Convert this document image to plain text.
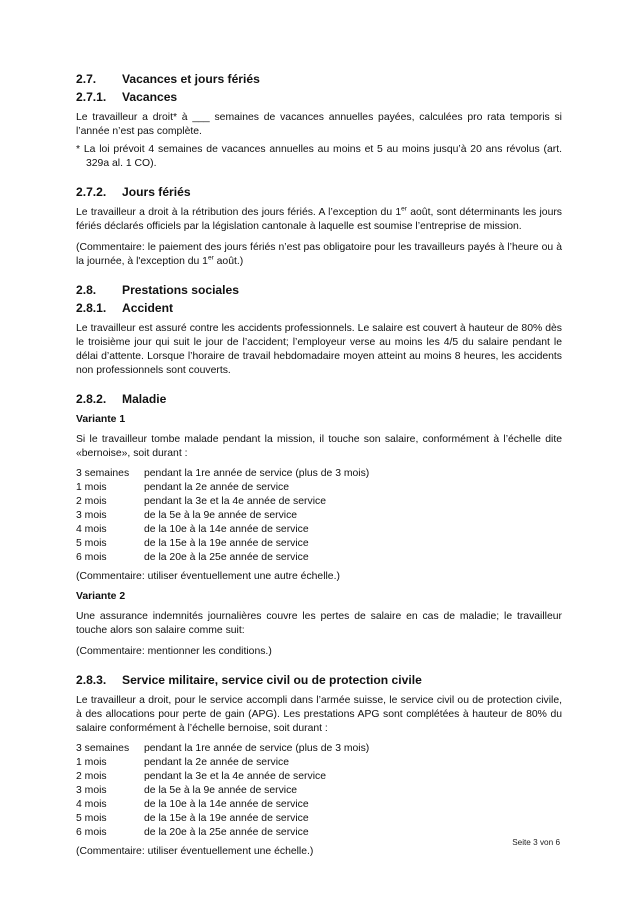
2.7.	Vacances et jours fériés
2.7.1.	Vacances

Le travailleur a droit* à ___ semaines de vacances annuelles payées, calculées pro rata temporis si l’année n’est pas complète.

* La loi prévoit 4 semaines de vacances annuelles au moins et 5 au moins jusqu’à 20 ans révolus (art. 329a al. 1 CO).

2.7.2.	Jours fériés

Le travailleur a droit à la rétribution des jours fériés. A l’exception du 1er août, sont déterminants les jours fériés déclarés officiels par la législation cantonale à laquelle est soumise l’entreprise de mission.

(Commentaire: le paiement des jours fériés n’est pas obligatoire pour les travailleurs payés à l’heure ou à la journée, à l'exception du 1er août.)

2.8.	Prestations sociales
2.8.1.	Accident

Le travailleur est assuré contre les accidents professionnels. Le salaire est couvert à hauteur de 80% dès le troisième jour qui suit le jour de l’accident; l’employeur verse au moins les 4/5 du salaire pendant le délai d’attente. Lorsque l’horaire de travail hebdomadaire moyen atteint au moins 8 heures, les accidents non professionnels sont couverts.

2.8.2.	Maladie
Variante 1

Si le travailleur tombe malade pendant la mission, il touche son salaire, conformément à l’échelle dite «bernoise», soit durant :

3 semaines	pendant la 1re année de service (plus de 3 mois)
1 mois	pendant la 2e année de service
2 mois	pendant la 3e et la 4e année de service
3 mois	de la 5e à la 9e année de service
4 mois	de la 10e à la 14e année de service
5 mois	de la 15e à la 19e année de service
6 mois	de la 20e à la 25e année de service

(Commentaire: utiliser éventuellement une autre échelle.)

Variante 2

Une assurance indemnités journalières couvre les pertes de salaire en cas de maladie; le travailleur touche alors son salaire comme suit:

(Commentaire: mentionner les conditions.)

2.8.3.	Service militaire, service civil ou de protection civile

Le travailleur a droit, pour le service accompli dans l’armée suisse, le service civil ou de protection civile, à des allocations pour perte de gain (APG). Les prestations APG sont complétées à hauteur de 80% du salaire conformément à l’échelle bernoise, soit durant :

3 semaines	pendant la 1re année de service (plus de 3 mois)
1 mois	pendant la 2e année de service
2 mois	pendant la 3e et la 4e année de service
3 mois	de la 5e à la 9e année de service
4 mois	de la 10e à la 14e année de service
5 mois	de la 15e à la 19e année de service
6 mois	de la 20e à la 25e année de service

(Commentaire: utiliser éventuellement une échelle.)

Seite 3 von 6
